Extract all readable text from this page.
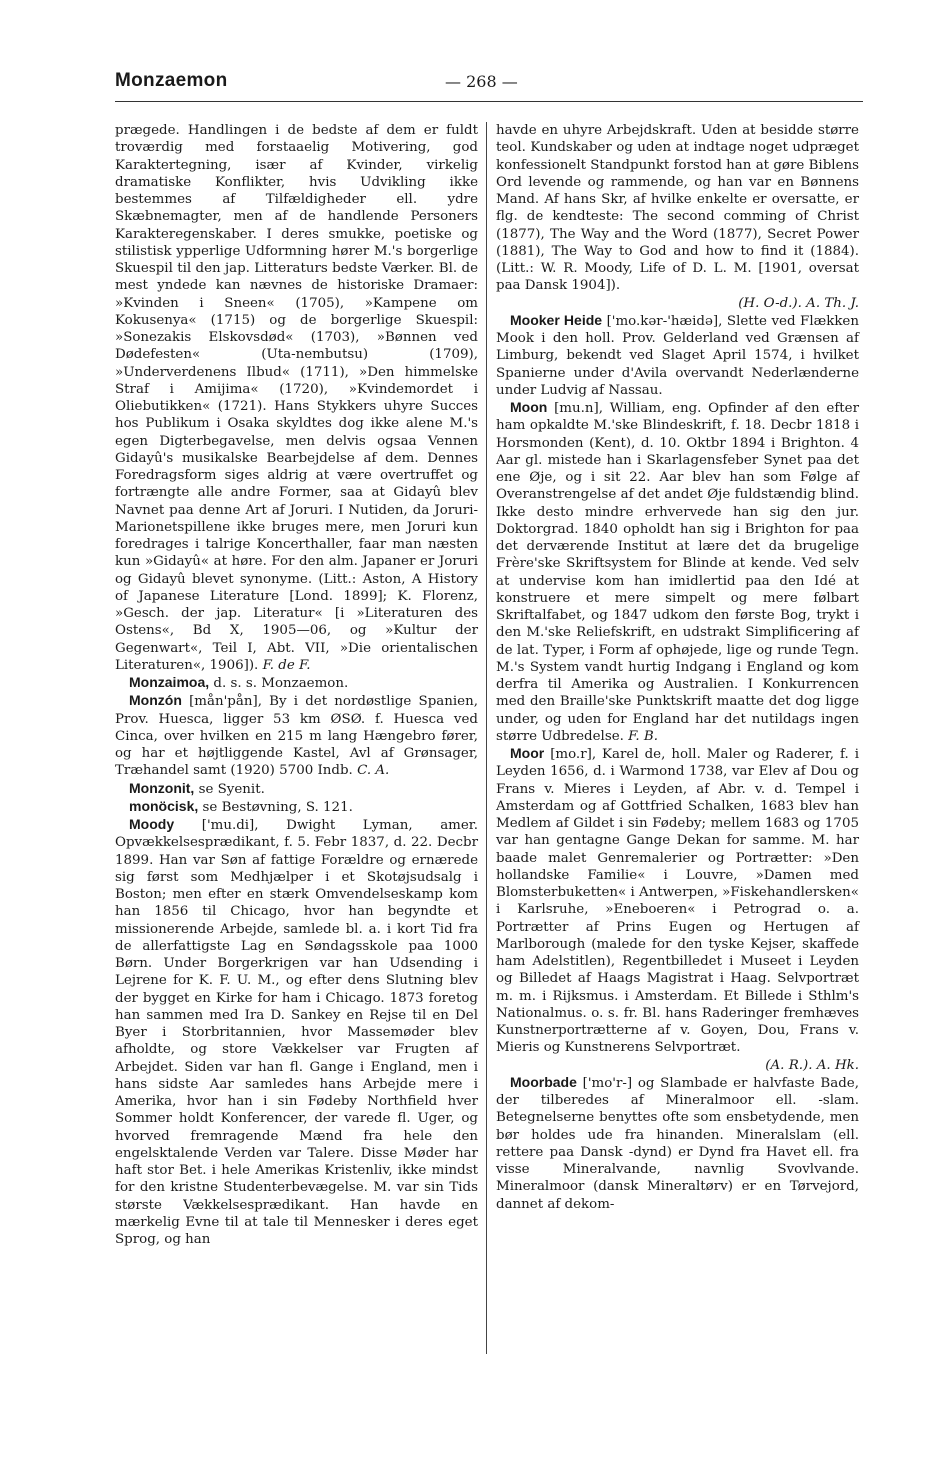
Monzaemon	— 268 —

prægede. Handlingen i de bedste af dem er fuldt troværdig med forstaaelig Motivering, god Karaktertegning, især af Kvinder, virkelig dramatiske Konflikter, hvis Udvikling ikke bestemmes af Tilfældigheder ell. ydre Skæbnemagter, men af de handlende Personers Karakteregenskaber. I deres smukke, poetiske og stilistisk ypperlige Udformning hører M.'s borgerlige Skuespil til den jap. Litteraturs bedste Værker. Bl. de mest yndede kan nævnes de historiske Dramaer: »Kvinden i Sneen« (1705), »Kampene om Kokusenya« (1715) og de borgerlige Skuespil: »Sonezakis Elskovsdød« (1703), »Bønnen ved Dødefesten« (Uta-nembutsu) (1709), »Underverdenens Ilbud« (1711), »Den himmelske Straf i Amijima« (1720), »Kvindemordet i Oliebutikken« (1721). Hans Stykkers uhyre Succes hos Publikum i Osaka skyldtes dog ikke alene M.'s egen Digterbegavelse, men delvis ogsaa Vennen Gidayû's musikalske Bearbejdelse af dem. Dennes Foredragsform siges aldrig at være overtruffet og fortrængte alle andre Former, saa at Gidayû blev Navnet paa denne Art af Joruri. I Nutiden, da Joruri-Marionetspillene ikke bruges mere, men Joruri kun foredrages i talrige Koncerthaller, faar man næsten kun »Gidayû« at høre. For den alm. Japaner er Joruri og Gidayû blevet synonyme. (Litt.: Aston, A History of Japanese Literature [Lond. 1899]; K. Florenz, »Gesch. der jap. Literatur« [i »Literaturen des Ostens«, Bd X, 1905—06, og »Kultur der Gegenwart«, Teil I, Abt. VII, »Die orientalischen Literaturen«, 1906]). F. de F.

Monzaimoa, d. s. s. Monzaemon.

Monzón [mån'pån], By i det nordøstlige Spanien, Prov. Huesca, ligger 53 km ØSØ. f. Huesca ved Cinca, over hvilken en 215 m lang Hængebro fører, og har et højtliggende Kastel, Avl af Grønsager, Træhandel samt (1920) 5700 Indb. C. A.

Monzonit, se Syenit.

monöcisk, se Bestøvning, S. 121.

Moody ['mu.di], Dwight Lyman, amer. Opvækkelsesprædikant, f. 5. Febr 1837, d. 22. Decbr 1899. Han var Søn af fattige Forældre og ernærede sig først som Medhjælper i et Skotøjsudsalg i Boston; men efter en stærk Omvendelseskamp kom han 1856 til Chicago, hvor han begyndte et missionerende Arbejde, samlede bl. a. i kort Tid fra de allerfattigste Lag en Søndagsskole paa 1000 Børn. Under Borgerkrigen var han Udsending i Lejrene for K. F. U. M., og efter dens Slutning blev der bygget en Kirke for ham i Chicago. 1873 foretog han sammen med Ira D. Sankey en Rejse til en Del Byer i Storbritannien, hvor Massemøder blev afholdte, og store Vækkelser var Frugten af Arbejdet. Siden var han fl. Gange i England, men i hans sidste Aar samledes hans Arbejde mere i Amerika, hvor han i sin Fødeby Northfield hver Sommer holdt Konferencer, der varede fl. Uger, og hvorved fremragende Mænd fra hele den engelsktalende Verden var Talere. Disse Møder har haft stor Bet. i hele Amerikas Kristenliv, ikke mindst for den kristne Studenterbevægelse. M. var sin Tids største Vækkelsesprædikant. Han havde en mærkelig Evne til at tale til Mennesker i deres eget Sprog, og han

havde en uhyre Arbejdskraft. Uden at besidde større teol. Kundskaber og uden at indtage noget udpræget konfessionelt Standpunkt forstod han at gøre Biblens Ord levende og rammende, og han var en Bønnens Mand. Af hans Skr, af hvilke enkelte er oversatte, er flg. de kendteste: The second comming of Christ (1877), The Way and the Word (1877), Secret Power (1881), The Way to God and how to find it (1884). (Litt.: W. R. Moody, Life of D. L. M. [1901, oversat paa Dansk 1904]).

(H. O-d.). A. Th. J.

Mooker Heide ['mo.kər-'hæidə], Slette ved Flækken Mook i den holl. Prov. Gelderland ved Grænsen af Limburg, bekendt ved Slaget April 1574, i hvilket Spanierne under d'Avila overvandt Nederlænderne under Ludvig af Nassau.

Moon [mu.n], William, eng. Opfinder af den efter ham opkaldte M.'ske Blindeskrift, f. 18. Decbr 1818 i Horsmonden (Kent), d. 10. Oktbr 1894 i Brighton. 4 Aar gl. mistede han i Skarlagensfeber Synet paa det ene Øje, og i sit 22. Aar blev han som Følge af Overanstrengelse af det andet Øje fuldstændig blind. Ikke desto mindre erhvervede han sig den jur. Doktorgrad. 1840 opholdt han sig i Brighton for paa det derværende Institut at lære det da brugelige Frère'ske Skriftsystem for Blinde at kende. Ved selv at undervise kom han imidlertid paa den Idé at konstruere et mere simpelt og mere følbart Skriftalfabet, og 1847 udkom den første Bog, trykt i den M.'ske Reliefskrift, en udstrakt Simplificering af de lat. Typer, i Form af ophøjede, lige og runde Tegn. M.'s System vandt hurtig Indgang i England og kom derfra til Amerika og Australien. I Konkurrencen med den Braille'ske Punktskrift maatte det dog ligge under, og uden for England har det nutildags ingen større Udbredelse. F. B.

Moor [mo.r], Karel de, holl. Maler og Raderer, f. i Leyden 1656, d. i Warmond 1738, var Elev af Dou og Frans v. Mieres i Leyden, af Abr. v. d. Tempel i Amsterdam og af Gottfried Schalken, 1683 blev han Medlem af Gildet i sin Fødeby; mellem 1683 og 1705 var han gentagne Gange Dekan for samme. M. har baade malet Genremalerier og Portrætter: »Den hollandske Familie« i Louvre, »Damen med Blomsterbuketten« i Antwerpen, »Fiskehandlersken« i Karlsruhe, »Eneboeren« i Petrograd o. a. Portrætter af Prins Eugen og Hertugen af Marlborough (malede for den tyske Kejser, skaffede ham Adelstitlen), Regentbilledet i Museet i Leyden og Billedet af Haags Magistrat i Haag. Selvportræt m. m. i Rijksmus. i Amsterdam. Et Billede i Sthlm's Nationalmus. o. s. fr. Bl. hans Raderinger fremhæves Kunstnerportrætterne af v. Goyen, Dou, Frans v. Mieris og Kunstnerens Selvportræt.

(A. R.). A. Hk.

Moorbade ['mo'r-] og Slambade er halvfaste Bade, der tilberedes af Mineralmoor ell. -slam. Betegnelserne benyttes ofte som ensbetydende, men bør holdes ude fra hinanden. Mineralslam (ell. rettere paa Dansk -dynd) er Dynd fra Havet ell. fra visse Mineralvande, navnlig Svovlvande. Mineralmoor (dansk Mineraltørv) er en Tørvejord, dannet af dekom-
